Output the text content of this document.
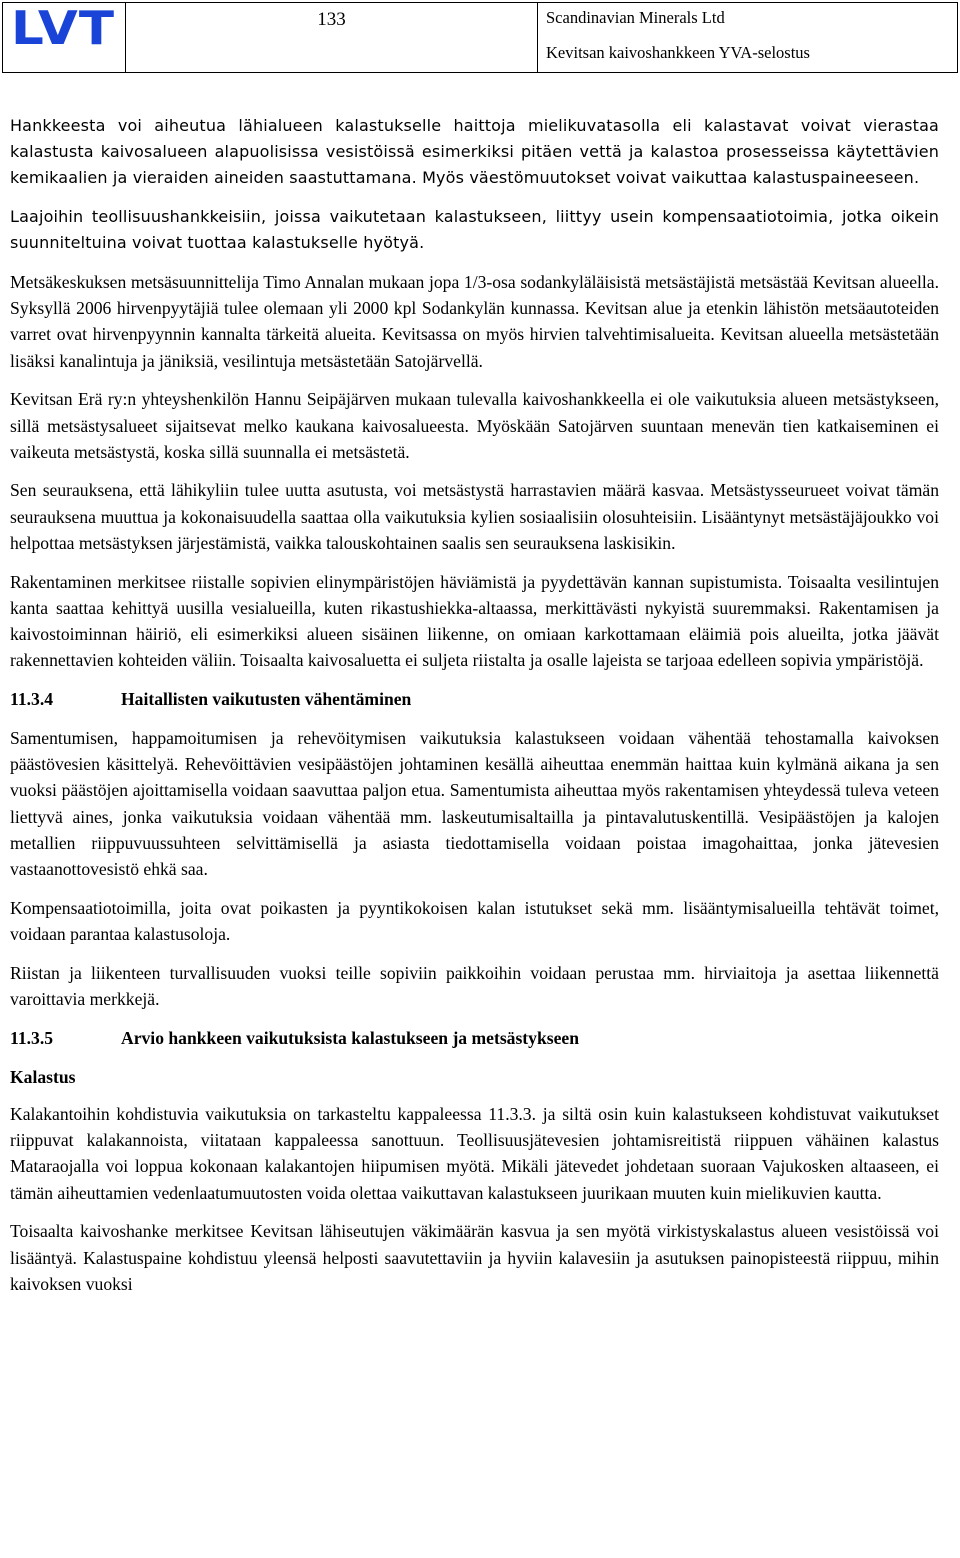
LVT	133	Scandinavian Minerals Ltd
Kevitsan kaivoshankkeen YVA-selostus

Hankkeesta voi aiheutua lähialueen kalastukselle haittoja mielikuvatasolla eli kalastavat voivat vierastaa kalastusta kaivosalueen alapuolisissa vesistöissä esimerkiksi pitäen vettä ja kalastoa prosesseissa käytettävien kemikaalien ja vieraiden aineiden saastuttamana. Myös väestömuutokset voivat vaikuttaa kalastuspaineeseen.

Laajoihin teollisuushankkeisiin, joissa vaikutetaan kalastukseen, liittyy usein kompensaatiotoimia, jotka oikein suunniteltuina voivat tuottaa kalastukselle hyötyä.

Metsäkeskuksen metsäsuunnittelija Timo Annalan mukaan jopa 1/3-osa sodankyläläisistä metsästäjistä metsästää Kevitsan alueella. Syksyllä 2006 hirvenpyytäjiä tulee olemaan yli 2000 kpl Sodankylän kunnassa. Kevitsan alue ja etenkin lähistön metsäautoteiden varret ovat hirvenpyynnin kannalta tärkeitä alueita. Kevitsassa on myös hirvien talvehtimisalueita. Kevitsan alueella metsästetään lisäksi kanalintuja ja jäniksiä, vesilintuja metsästetään Satojärvellä.

Kevitsan Erä ry:n yhteyshenkilön Hannu Seipäjärven mukaan tulevalla kaivoshankkeella ei ole vaikutuksia alueen metsästykseen, sillä metsästysalueet sijaitsevat melko kaukana kaivosalueesta. Myöskään Satojärven suuntaan menevän tien katkaiseminen ei vaikeuta metsästystä, koska sillä suunnalla ei metsästetä.

Sen seurauksena, että lähikyliin tulee uutta asutusta, voi metsästystä harrastavien määrä kasvaa. Metsästysseurueet voivat tämän seurauksena muuttua ja kokonaisuudella saattaa olla vaikutuksia kylien sosiaalisiin olosuhteisiin. Lisääntynyt metsästäjäjoukko voi helpottaa metsästyksen järjestämistä, vaikka talouskohtainen saalis sen seurauksena laskisikin.

Rakentaminen merkitsee riistalle sopivien elinympäristöjen häviämistä ja pyydettävän kannan supistumista. Toisaalta vesilintujen kanta saattaa kehittyä uusilla vesialueilla, kuten rikastushiekka-altaassa, merkittävästi nykyistä suuremmaksi. Rakentamisen ja kaivostoiminnan häiriö, eli esimerkiksi alueen sisäinen liikenne, on omiaan karkottamaan eläimiä pois alueilta, jotka jäävät rakennettavien kohteiden väliin. Toisaalta kaivosaluetta ei suljeta riistalta ja osalle lajeista se tarjoaa edelleen sopivia ympäristöjä.

11.3.4	Haitallisten vaikutusten vähentäminen

Samentumisen, happamoitumisen ja rehevöitymisen vaikutuksia kalastukseen voidaan vähentää tehostamalla kaivoksen päästövesien käsittelyä. Rehevöittävien vesipäästöjen johtaminen kesällä aiheuttaa enemmän haittaa kuin kylmänä aikana ja sen vuoksi päästöjen ajoittamisella voidaan saavuttaa paljon etua. Samentumista aiheuttaa myös rakentamisen yhteydessä tuleva veteen liettyvä aines, jonka vaikutuksia voidaan vähentää mm. laskeutumisaltailla ja pintavalutuskentillä. Vesipäästöjen ja kalojen metallien riippuvuussuhteen selvittämisellä ja asiasta tiedottamisella voidaan poistaa imagohaittaa, jonka jätevesien vastaanottovesistö ehkä saa.

Kompensaatiotoimilla, joita ovat poikasten ja pyyntikokoisen kalan istutukset sekä mm. lisääntymisalueilla tehtävät toimet, voidaan parantaa kalastusoloja.

Riistan ja liikenteen turvallisuuden vuoksi teille sopiviin paikkoihin voidaan perustaa mm. hirviaitoja ja asettaa liikennettä varoittavia merkkejä.

11.3.5	Arvio hankkeen vaikutuksista kalastukseen ja metsästykseen
Kalastus

Kalakantoihin kohdistuvia vaikutuksia on tarkasteltu kappaleessa 11.3.3. ja siltä osin kuin kalastukseen kohdistuvat vaikutukset riippuvat kalakannoista, viitataan kappaleessa sanottuun. Teollisuusjätevesien johtamisreitistä riippuen vähäinen kalastus Mataraojalla voi loppua kokonaan kalakantojen hiipumisen myötä. Mikäli jätevedet johdetaan suoraan Vajukosken altaaseen, ei tämän aiheuttamien vedenlaatumuutosten voida olettaa vaikuttavan kalastukseen juurikaan muuten kuin mielikuvien kautta.

Toisaalta kaivoshanke merkitsee Kevitsan lähiseutujen väkimäärän kasvua ja sen myötä virkistyskalastus alueen vesistöissä voi lisääntyä. Kalastuspaine kohdistuu yleensä helposti saavutettaviin ja hyviin kalavesiin ja asutuksen painopisteestä riippuu, mihin kaivoksen vuoksi
